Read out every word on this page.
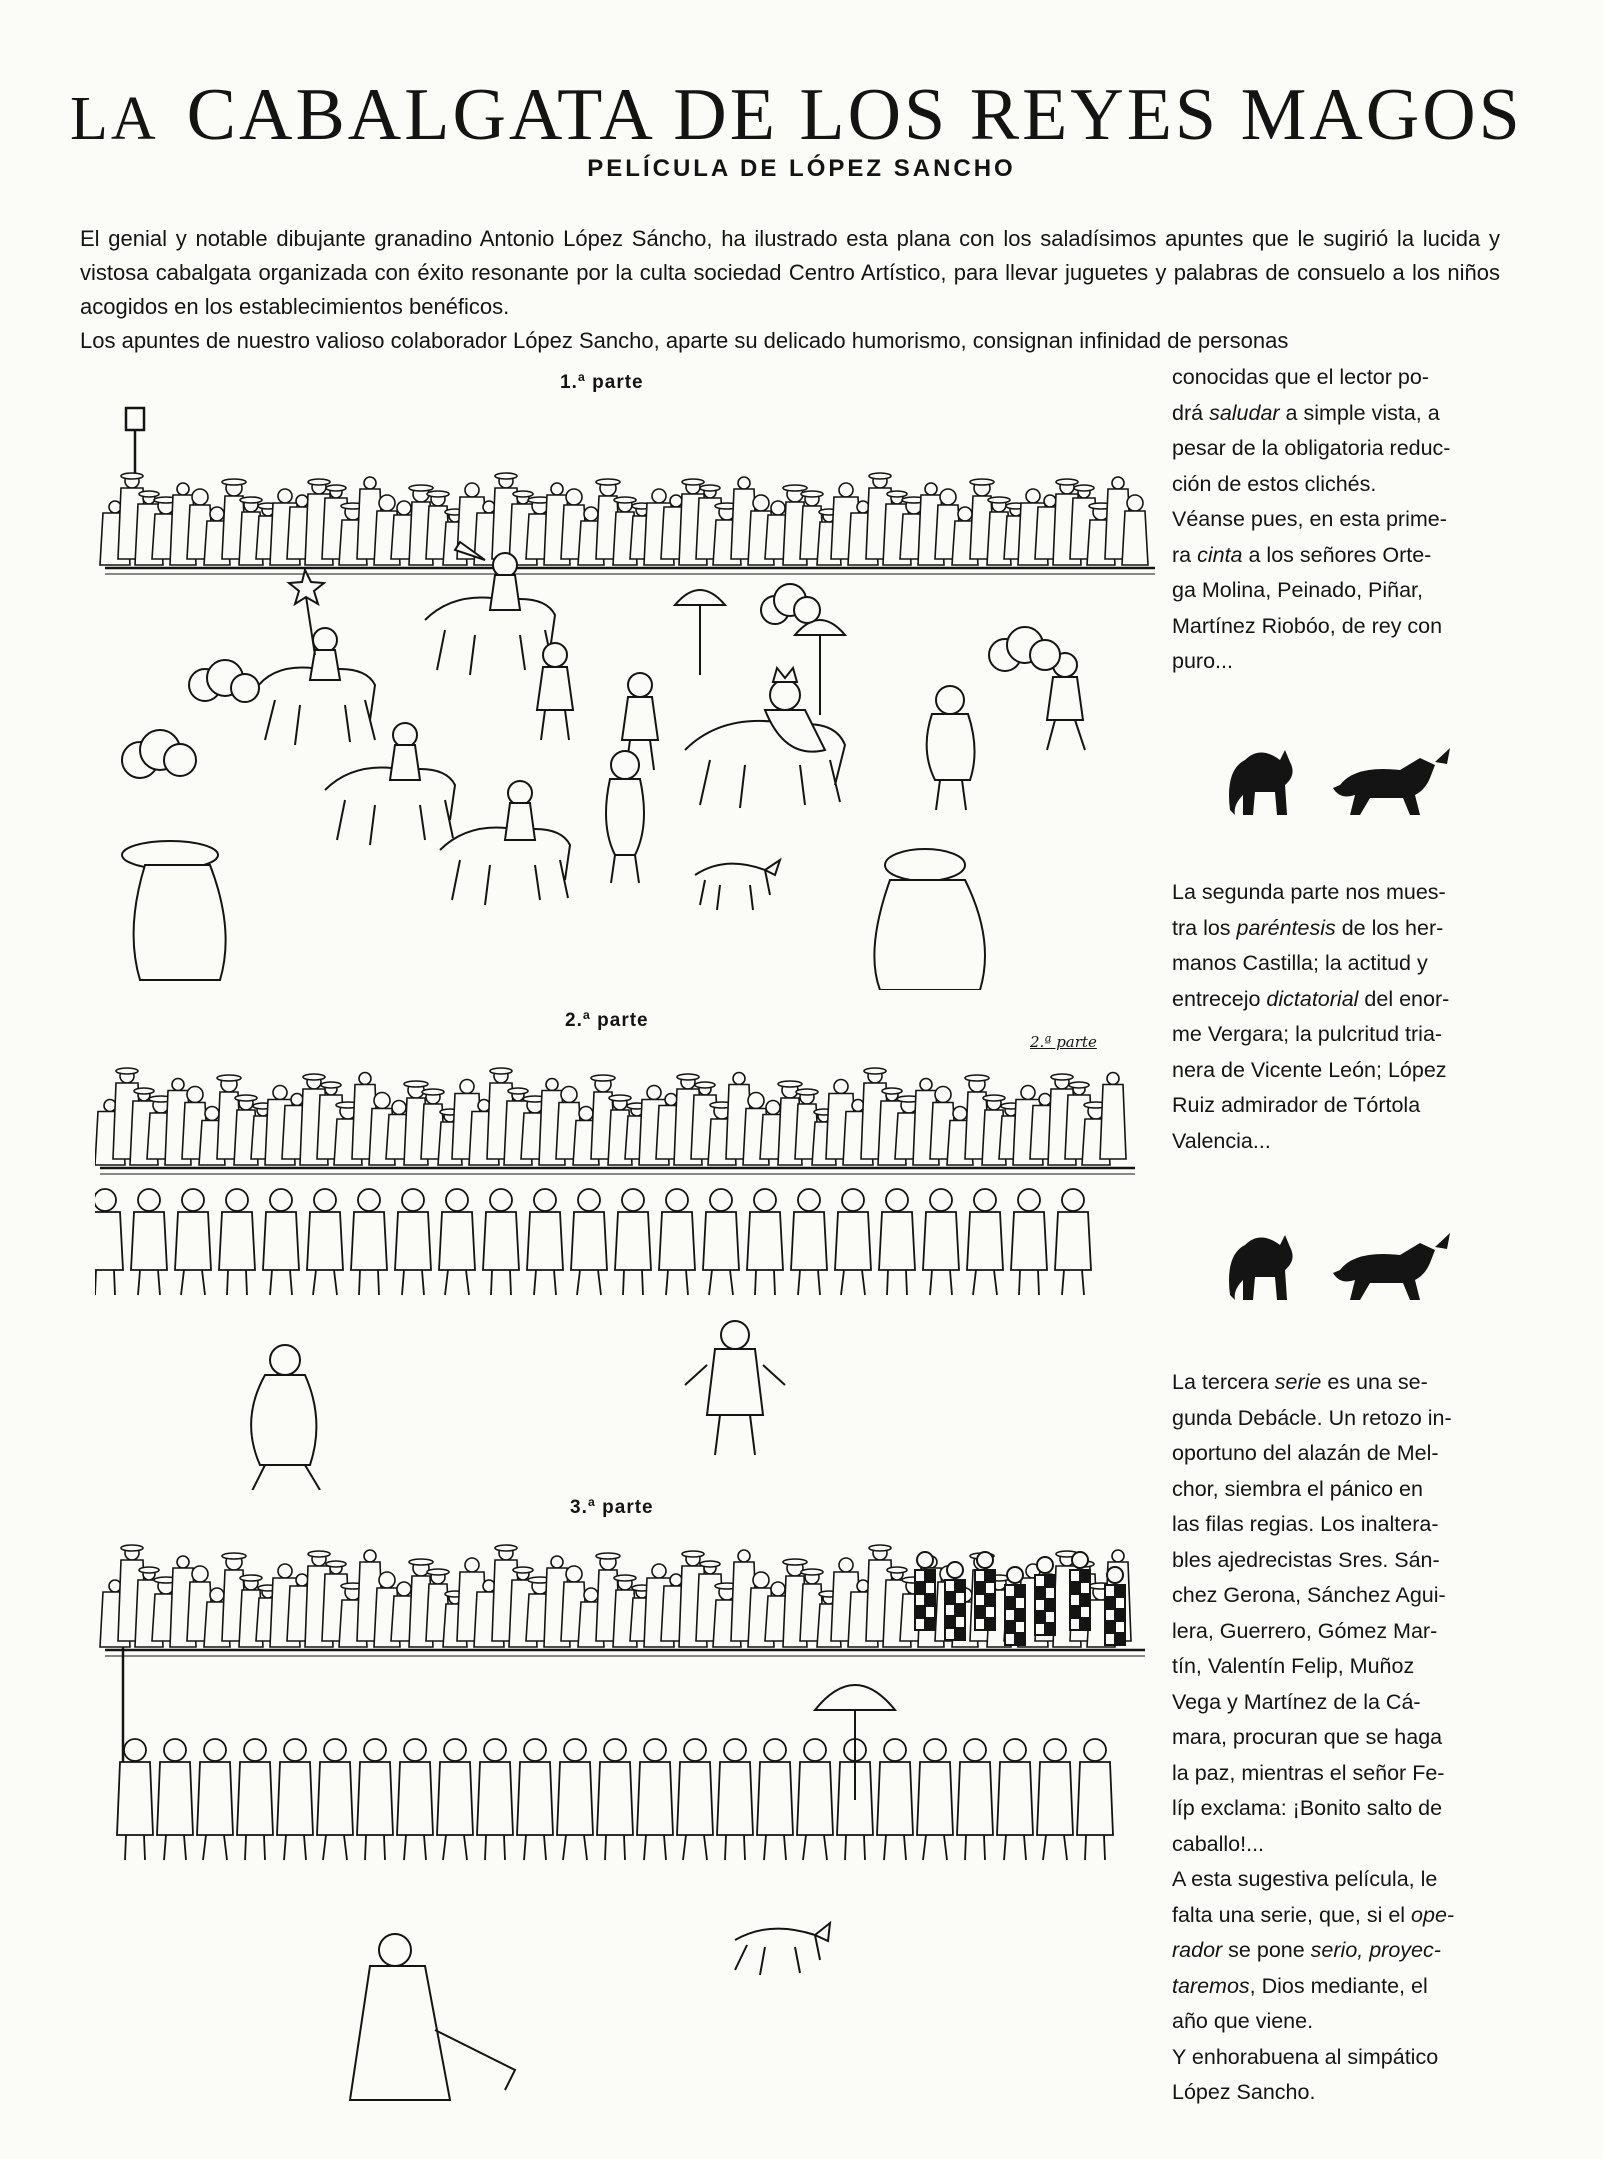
LA CABALGATA DE LOS REYES MAGOS
PELÍCULA DE LÓPEZ SANCHO

El genial y notable dibujante granadino Antonio López Sáncho, ha ilustrado esta plana con los saladísimos apuntes que le sugirió la lucida y vistosa cabalgata organizada con éxito resonante por la culta sociedad Centro Artístico, para llevar juguetes y palabras de consuelo a los niños acogidos en los establecimientos benéficos.

Los apuntes de nuestro valioso colaborador López Sancho, aparte su delicado humorismo, consignan infinidad de personas

1.ª parte
2.ª parte
3.ª parte
2.ª parte

conocidas que el lector po-

drá saludar a simple vista, a

pesar de la obligatoria reduc-

ción de estos clichés.

Véanse pues, en esta prime-

ra cinta a los señores Orte-

ga Molina, Peinado, Piñar,

Martínez Riobóo, de rey con

puro...

La segunda parte nos mues-

tra los paréntesis de los her-

manos Castilla; la actitud y

entrecejo dictatorial del enor-

me Vergara; la pulcritud tria-

nera de Vicente León; López

Ruiz admirador de Tórtola

Valencia...

La tercera serie es una se-

gunda Debácle. Un retozo in-

oportuno del alazán de Mel-

chor, siembra el pánico en

las filas regias. Los inaltera-

bles ajedrecistas Sres. Sán-

chez Gerona, Sánchez Agui-

lera, Guerrero, Gómez Mar-

tín, Valentín Felip, Muñoz

Vega y Martínez de la Cá-

mara, procuran que se haga

la paz, mientras el señor Fe-

líp exclama: ¡Bonito salto de

caballo!...

A esta sugestiva película, le

falta una serie, que, si el ope-

rador se pone serio, proyec-

taremos, Dios mediante, el

año que viene.

Y enhorabuena al simpático

López Sancho.
